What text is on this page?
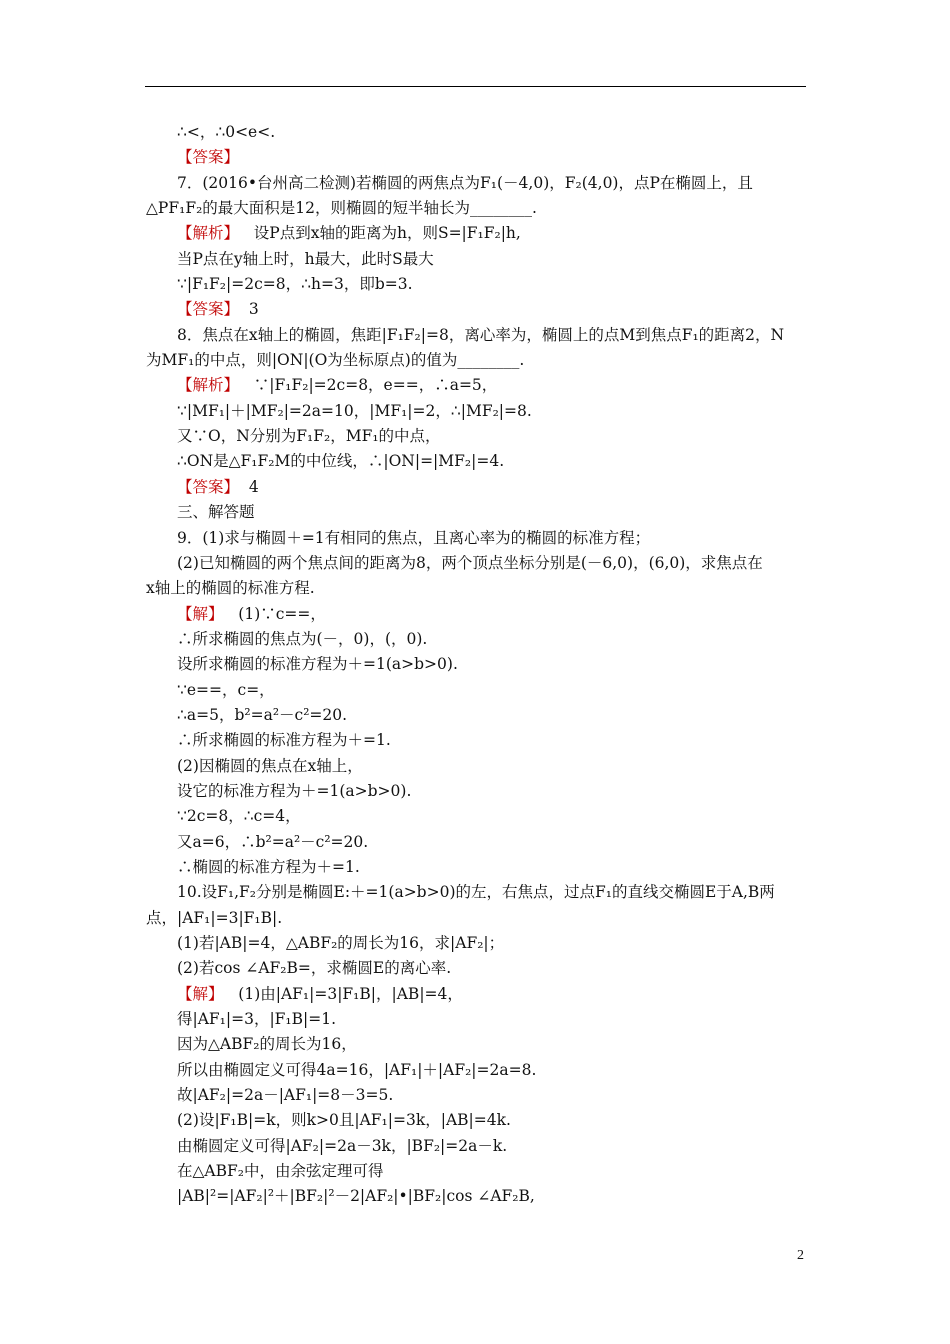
∴<，∴0<e<.
【答案】
7．(2016•台州高二检测)若椭圆的两焦点为F₁(－4,0)，F₂(4,0)，点P在椭圆上，且
△PF₁F₂的最大面积是12，则椭圆的短半轴长为________.
【解析】   设P点到x轴的距离为h，则S=|F₁F₂|h,
当P点在y轴上时，h最大，此时S最大
∵|F₁F₂|=2c=8，∴h=3，即b=3.
【答案】  3
8．焦点在x轴上的椭圆，焦距|F₁F₂|=8，离心率为，椭圆上的点M到焦点F₁的距离2，N
为MF₁的中点，则|ON|(O为坐标原点)的值为________.
【解析】   ∵|F₁F₂|=2c=8，e==，∴a=5，
∵|MF₁|＋|MF₂|=2a=10，|MF₁|=2，∴|MF₂|=8.
又∵O，N分别为F₁F₂，MF₁的中点，
∴ON是△F₁F₂M的中位线，∴|ON|=|MF₂|=4.
【答案】  4
三、解答题
9．(1)求与椭圆＋=1有相同的焦点，且离心率为的椭圆的标准方程；
(2)已知椭圆的两个焦点间的距离为8，两个顶点坐标分别是(－6,0)，(6,0)，求焦点在
x轴上的椭圆的标准方程.
【解】   (1)∵c==，
∴所求椭圆的焦点为(－，0)，(，0).
设所求椭圆的标准方程为＋=1(a>b>0).
∵e==，c=，
∴a=5，b²=a²－c²=20.
∴所求椭圆的标准方程为＋=1.
(2)因椭圆的焦点在x轴上，
设它的标准方程为＋=1(a>b>0).
∵2c=8，∴c=4，
又a=6，∴b²=a²－c²=20.
∴椭圆的标准方程为＋=1.
10.设F₁,F₂分别是椭圆E:＋=1(a>b>0)的左，右焦点，过点F₁的直线交椭圆E于A,B两
点，|AF₁|=3|F₁B|.
(1)若|AB|=4，△ABF₂的周长为16，求|AF₂|；
(2)若cos ∠AF₂B=，求椭圆E的离心率.
【解】   (1)由|AF₁|=3|F₁B|，|AB|=4，
得|AF₁|=3，|F₁B|=1.
因为△ABF₂的周长为16，
所以由椭圆定义可得4a=16，|AF₁|＋|AF₂|=2a=8.
故|AF₂|=2a－|AF₁|=8－3=5.
(2)设|F₁B|=k，则k>0且|AF₁|=3k，|AB|=4k.
由椭圆定义可得|AF₂|=2a－3k，|BF₂|=2a－k.
在△ABF₂中，由余弦定理可得
|AB|²=|AF₂|²＋|BF₂|²－2|AF₂|•|BF₂|cos ∠AF₂B,
2
